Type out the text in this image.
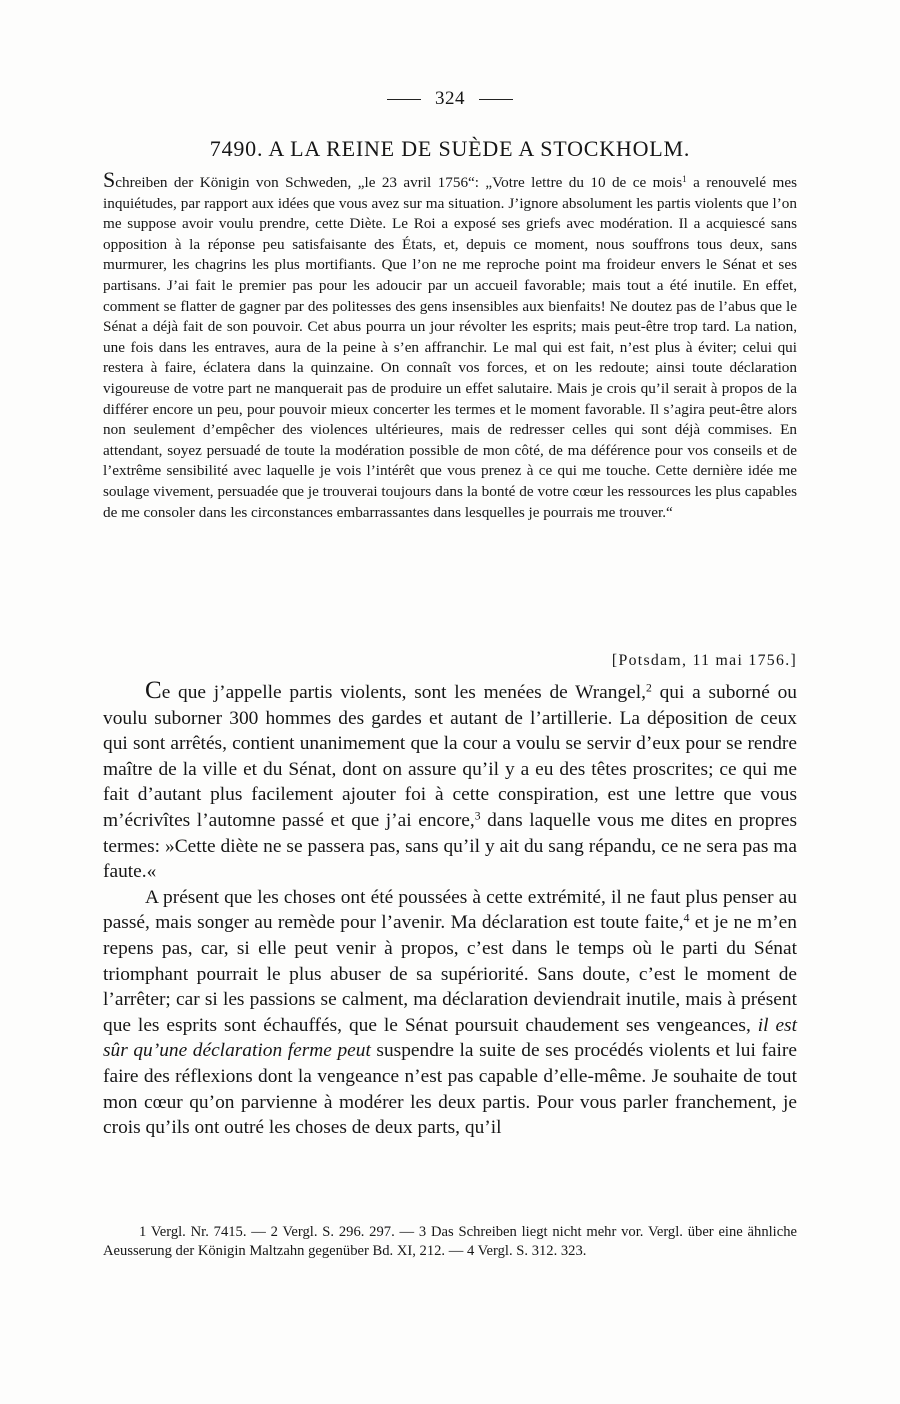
324
7490. A LA REINE DE SUÈDE A STOCKHOLM.
Schreiben der Königin von Schweden, „le 23 avril 1756“: „Votre lettre du 10 de ce mois$^1$ a renouvelé mes inquiétudes, par rapport aux idées que vous avez sur ma situation. J’ignore absolument les partis violents que l’on me suppose avoir voulu prendre, cette Diète. Le Roi a exposé ses griefs avec modération. Il a acquiescé sans opposition à la réponse peu satisfaisante des États, et, depuis ce moment, nous souffrons tous deux, sans murmurer, les chagrins les plus mortifiants. Que l’on ne me reproche point ma froideur envers le Sénat et ses partisans. J’ai fait le premier pas pour les adoucir par un accueil favorable; mais tout a été inutile. En effet, comment se flatter de gagner par des politesses des gens insensibles aux bienfaits! Ne doutez pas de l’abus que le Sénat a déjà fait de son pouvoir. Cet abus pourra un jour révolter les esprits; mais peut-être trop tard. La nation, une fois dans les entraves, aura de la peine à s’en affranchir. Le mal qui est fait, n’est plus à éviter; celui qui restera à faire, éclatera dans la quinzaine. On connaît vos forces, et on les redoute; ainsi toute déclaration vigoureuse de votre part ne manquerait pas de produire un effet salutaire. Mais je crois qu’il serait à propos de la différer encore un peu, pour pouvoir mieux concerter les termes et le moment favorable. Il s’agira peut-être alors non seulement d’empêcher des violences ultérieures, mais de redresser celles qui sont déjà commises. En attendant, soyez persuadé de toute la modération possible de mon côté, de ma déférence pour vos conseils et de l’extrême sensibilité avec laquelle je vois l’intérêt que vous prenez à ce qui me touche. Cette dernière idée me soulage vivement, persuadée que je trouverai toujours dans la bonté de votre cœur les ressources les plus capables de me consoler dans les circonstances embarrassantes dans lesquelles je pourrais me trouver.“
[Potsdam, 11 mai 1756.]

Ce que j’appelle partis violents, sont les menées de Wrangel,$^2$ qui a suborné ou voulu suborner 300 hommes des gardes et autant de l’artillerie. La déposition de ceux qui sont arrêtés, contient unanimement que la cour a voulu se servir d’eux pour se rendre maître de la ville et du Sénat, dont on assure qu’il y a eu des têtes proscrites; ce qui me fait d’autant plus facilement ajouter foi à cette conspiration, est une lettre que vous m’écrivîtes l’automne passé et que j’ai encore,$^3$ dans laquelle vous me dites en propres termes: »Cette diète ne se passera pas, sans qu’il y ait du sang répandu, ce ne sera pas ma faute.«

A présent que les choses ont été poussées à cette extrémité, il ne faut plus penser au passé, mais songer au remède pour l’avenir. Ma déclaration est toute faite,$^4$ et je ne m’en repens pas, car, si elle peut venir à propos, c’est dans le temps où le parti du Sénat triomphant pourrait le plus abuser de sa supériorité. Sans doute, c’est le moment de l’arrêter; car si les passions se calment, ma déclaration deviendrait inutile, mais à présent que les esprits sont échauffés, que le Sénat poursuit chaudement ses vengeances, il est sûr qu’une déclaration ferme peut suspendre la suite de ses procédés violents et lui faire faire des réflexions dont la vengeance n’est pas capable d’elle-même. Je souhaite de tout mon cœur qu’on parvienne à modérer les deux partis. Pour vous parler franchement, je crois qu’ils ont outré les choses de deux parts, qu’il

1 Vergl. Nr. 7415. — 2 Vergl. S. 296. 297. — 3 Das Schreiben liegt nicht mehr vor. Vergl. über eine ähnliche Aeusserung der Königin Maltzahn gegenüber Bd. XI, 212. — 4 Vergl. S. 312. 323.
